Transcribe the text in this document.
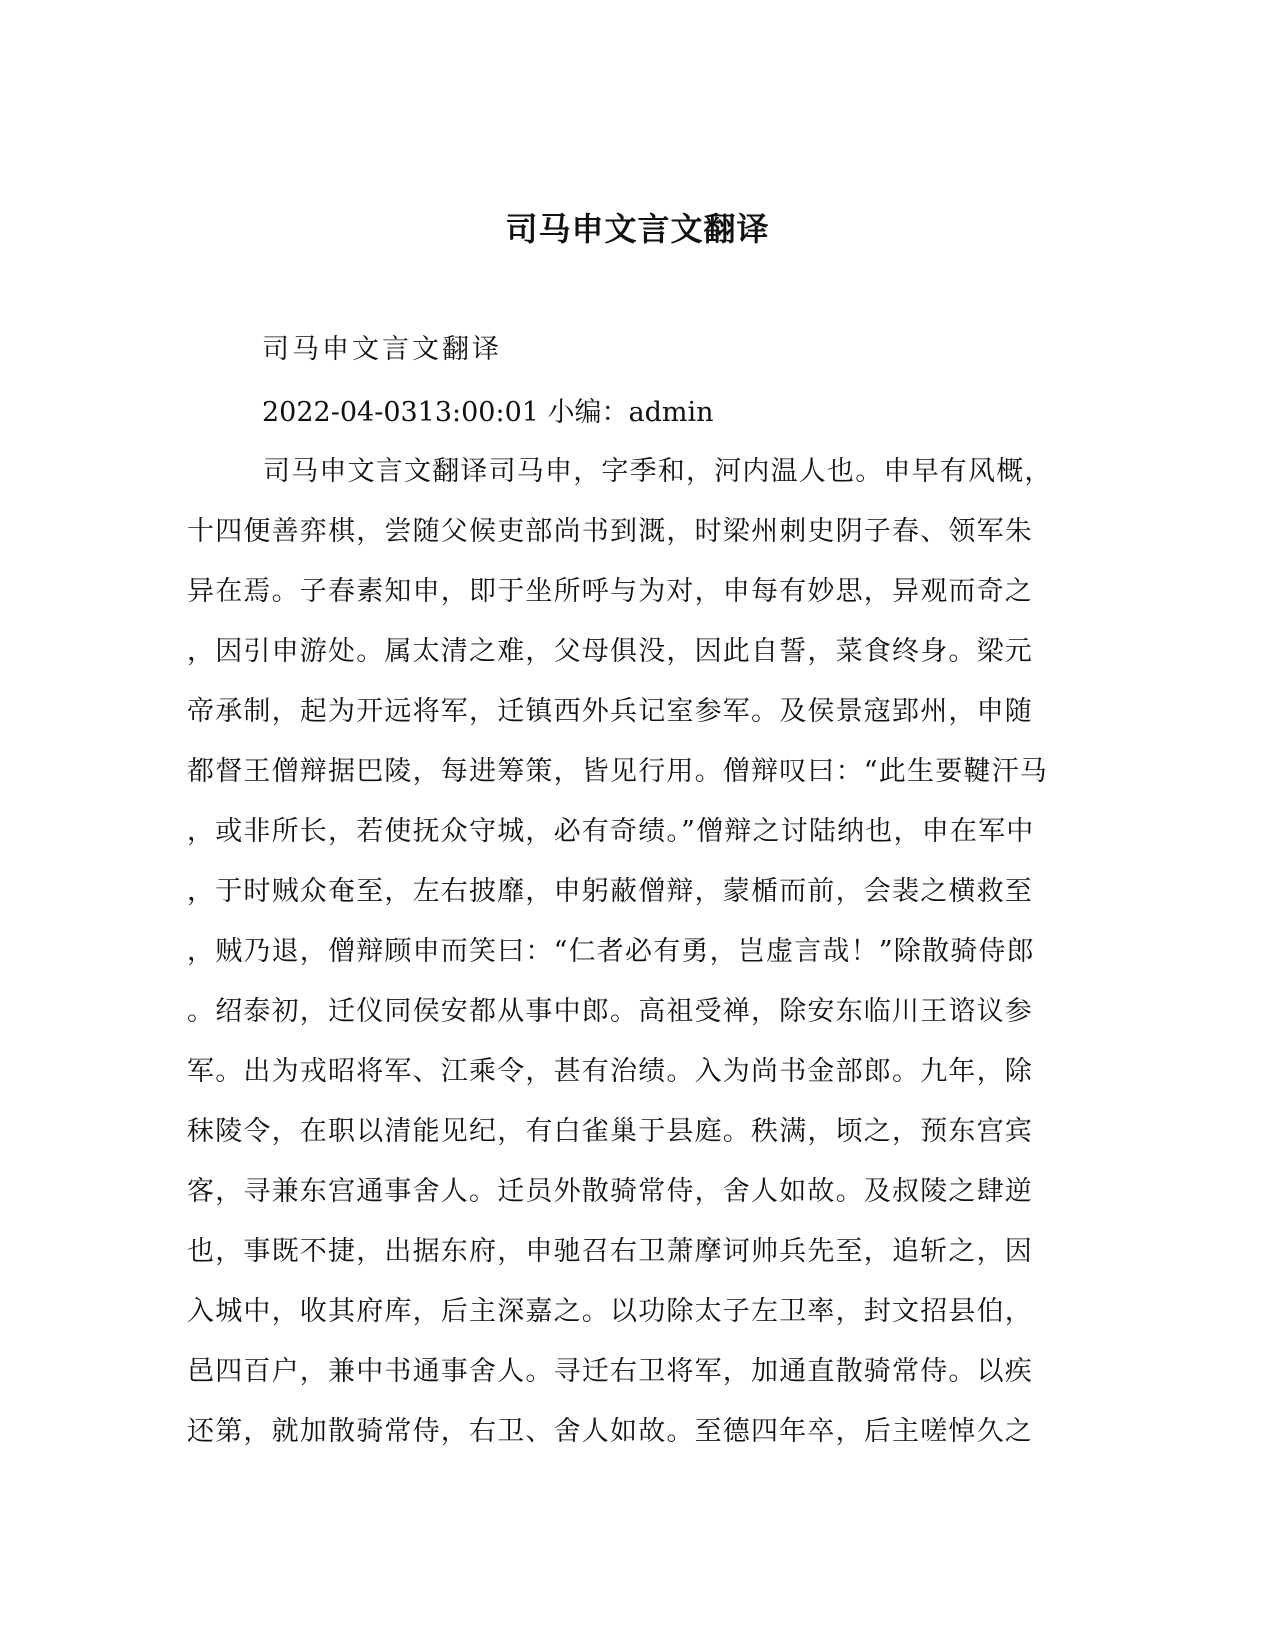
司马申文言文翻译
司马申文言文翻译
2022-04-0313:00:01 小编：admin
司马申文言文翻译司马申，字季和，河内温人也。申早有风概，
十四便善弈棋，尝随父候吏部尚书到溉，时梁州刺史阴子春、领军朱
异在焉。子春素知申，即于坐所呼与为对，申每有妙思，异观而奇之
，因引申游处。属太清之难，父母俱没，因此自誓，菜食终身。梁元
帝承制，起为开远将军，迁镇西外兵记室参军。及侯景寇郢州，申随
都督王僧辩据巴陵，每进筹策，皆见行用。僧辩叹曰：“此生要鞬汗马
，或非所长，若使抚众守城，必有奇绩。”僧辩之讨陆纳也，申在军中
，于时贼众奄至，左右披靡，申躬蔽僧辩，蒙楯而前，会裴之横救至
，贼乃退，僧辩顾申而笑曰：“仁者必有勇，岂虚言哉！”除散骑侍郎
。绍泰初，迁仪同侯安都从事中郎。高祖受禅，除安东临川王谘议参
军。出为戎昭将军、江乘令，甚有治绩。入为尚书金部郎。九年，除
秣陵令，在职以清能见纪，有白雀巢于县庭。秩满，顷之，预东宫宾
客，寻兼东宫通事舍人。迁员外散骑常侍，舍人如故。及叔陵之肆逆
也，事既不捷，出据东府，申驰召右卫萧摩诃帅兵先至，追斩之，因
入城中，收其府库，后主深嘉之。以功除太子左卫率，封文招县伯，
邑四百户，兼中书通事舍人。寻迁右卫将军，加通直散骑常侍。以疾
还第，就加散骑常侍，右卫、舍人如故。至德四年卒，后主嗟悼久之
